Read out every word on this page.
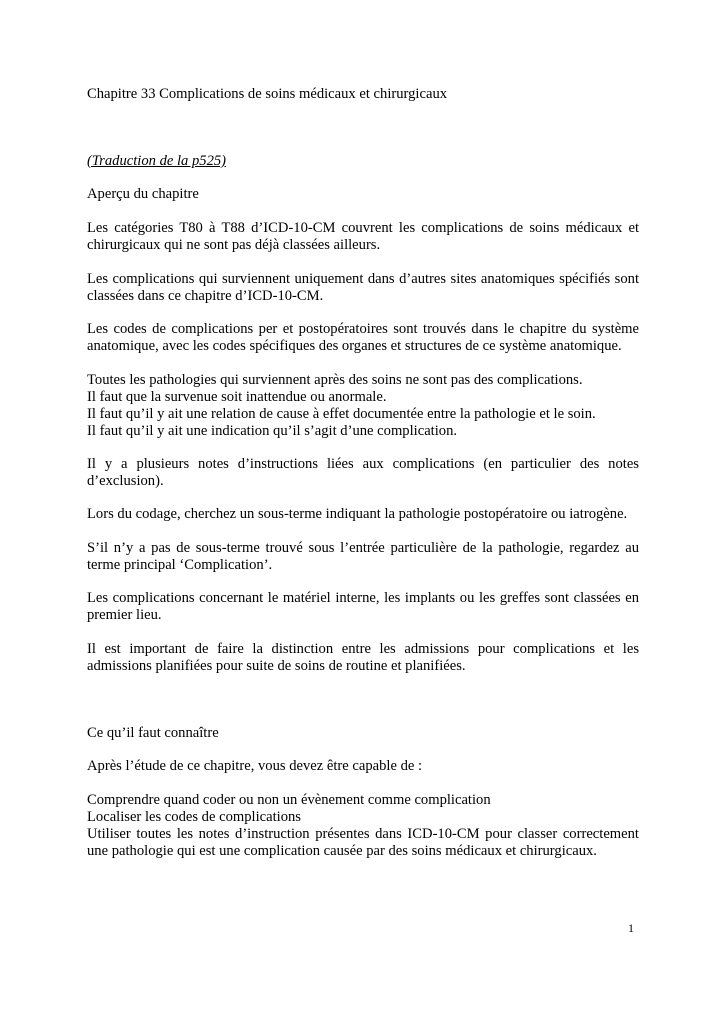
Chapitre 33 Complications de soins médicaux et chirurgicaux

(Traduction de la p525)

Aperçu du chapitre

Les catégories T80 à T88 d’ICD-10-CM couvrent les complications de soins médicaux et chirurgicaux qui ne sont pas déjà classées ailleurs.

Les complications qui surviennent uniquement dans d’autres sites anatomiques spécifiés sont classées dans ce chapitre d’ICD-10-CM.

Les codes de complications per et postopératoires sont trouvés dans le chapitre du système anatomique, avec les codes spécifiques des organes et structures de ce système anatomique.

Toutes les pathologies qui surviennent après des soins ne sont pas des complications.
Il faut que la survenue soit inattendue ou anormale.
Il faut qu’il y ait une relation de cause à effet documentée entre la pathologie et le soin.
Il faut qu’il y ait une indication qu’il s’agit d’une complication.

Il y a plusieurs notes d’instructions liées aux complications (en particulier des notes d’exclusion).

Lors du codage, cherchez un sous-terme indiquant la pathologie postopératoire ou iatrogène.

S’il n’y a pas de sous-terme trouvé sous l’entrée particulière de la pathologie, regardez au terme principal ‘Complication’.

Les complications concernant le matériel interne, les implants ou les greffes sont classées en premier lieu.

Il est important de faire la distinction entre les admissions pour complications et les admissions planifiées pour suite de soins de routine et planifiées.

Ce qu’il faut connaître

Après l’étude de ce chapitre, vous devez être capable de :

Comprendre quand coder ou non un évènement comme complication
Localiser les codes de complications
Utiliser toutes les notes d’instruction présentes dans ICD-10-CM pour classer correctement une pathologie qui est une complication causée par des soins médicaux et chirurgicaux.
1
